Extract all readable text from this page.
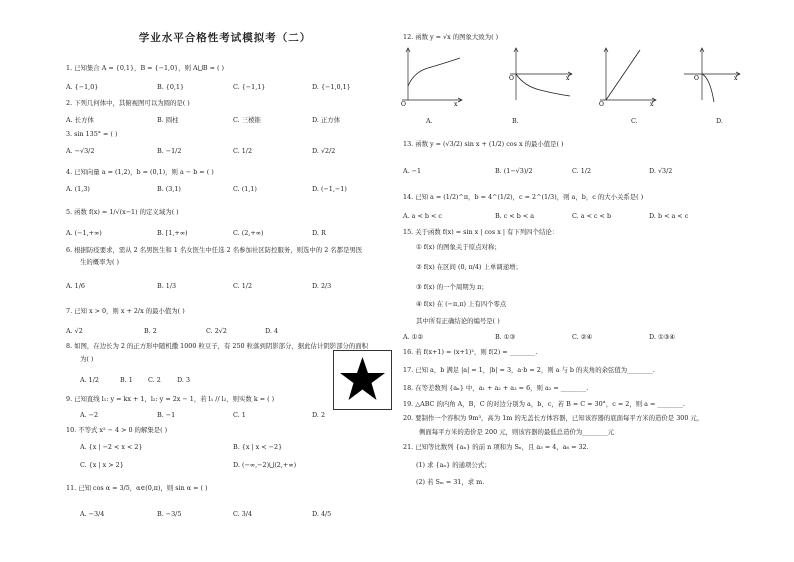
学业水平合格性考试模拟考（二）
1. 已知集合 A = {0,1}，B = {−1,0}，则 A⋃B = ( )
A. {−1,0}	B. {0,1}	C. {−1,1}	D. {−1,0,1}
2. 下列几何体中，其俯视图可以为圆的是( )
A. 长方体	B. 圆柱	C. 三棱锥	D. 正方体
3. sin 135° = ( )
A. −√3/2	B. −1/2	C. 1/2	D. √2/2
4. 已知向量 a = (1,2)，b = (0,1)，则 a − b = ( )
A. (1,3)	B. (3,1)	C. (1,1)	D. (−1,−1)
5. 函数 f(x) = 1/√(x−1) 的定义域为( )
A. (−1,+∞)	B. [1,+∞)	C. (2,+∞)	D. R
6. 根据防疫要求，需从 2 名男医生和 1 名女医生中任选 2 名参加社区防控服务，则选中的 2 名都是男医
生的概率为( )
A. 1/6	B. 1/3	C. 1/2	D. 2/3
7. 已知 x > 0，则 x + 2/x 的最小值为( )
A. √2	B. 2	C. 2√2	D. 4
8. 如图，在边长为 2 的正方形中随机撒 1000 粒豆子，有 250 粒落到阴影部分，据此估计阴影部分的面积
为( )
A. 1/2	B. 1 C. 2	D. 3
9. 已知直线 l₁: y = kx + 1，l₂: y = 2x − 1，若 l₁ // l₂，则实数 k = ( )
A. −2	B. −1	C. 1	D. 2
10. 不等式 x² − 4 > 0 的解集是( )
A. {x | −2 < x < 2}	B. {x | x < −2}
C. {x | x > 2}	D. (−∞,−2)⋃(2,+∞)
11. 已知 cos α = 3/5，α∈(0,π)，则 sin α = ( )
A. −3/4	B. −3/5	C. 3/4	D. 4/5
12. 函数 y = √x 的图象大致为( )
O	x
O	x
O	x
O	x
A.	B.	C.	D.
13. 函数 y = (√3/2) sin x + (1/2) cos x 的最小值是( )
A. −1	B. (1−√3)/2	C. 1/2	D. √3/2
14. 已知 a = (1/2)^π，b = 4^(1/2)，c = 2^(1/3)，则 a，b，c 的大小关系是( )
A. a < b < c	B. c < b < a	C. a < c < b	D. b < a < c
15. 关于函数 f(x) = sin x | cos x | 有下列四个结论：
① f(x) 的图象关于原点对称；
② f(x) 在区间 (0, π/4) 上单调递增；
③ f(x) 的一个周期为 π；
④ f(x) 在 (−π,π) 上有四个零点
其中所有正确结论的编号是( )
A. ①②	B. ①③	C. ②④	D. ①③④
16. 若 f(x+1) = (x+1)²，则 f(2) = ________.
17. 已知 a，b 满足 |a| = 1，|b| = 3，a·b = 2，则 a 与 b 的夹角的余弦值为________.
18. 在等差数列 {aₙ} 中，a₁ + a₂ + a₃ = 6，则 a₂ = ________.
19. △ABC 的内角 A，B，C 的对边分别为 a，b，c，若 B = C = 30°，c = 2，则 a = ________.
20. 要制作一个容积为 9m³，高为 1m 的无盖长方体容器，已知该容器的底面每平方米的造价是 300 元，
侧面每平方米的造价是 200 元，则该容器的最低总造价为________元
21. 已知等比数列 {aₙ} 的前 n 项和为 Sₙ，且 a₃ = 4，a₆ = 32.
(1) 求 {aₙ} 的通项公式；
(2) 若 Sₘ = 31，求 m.
